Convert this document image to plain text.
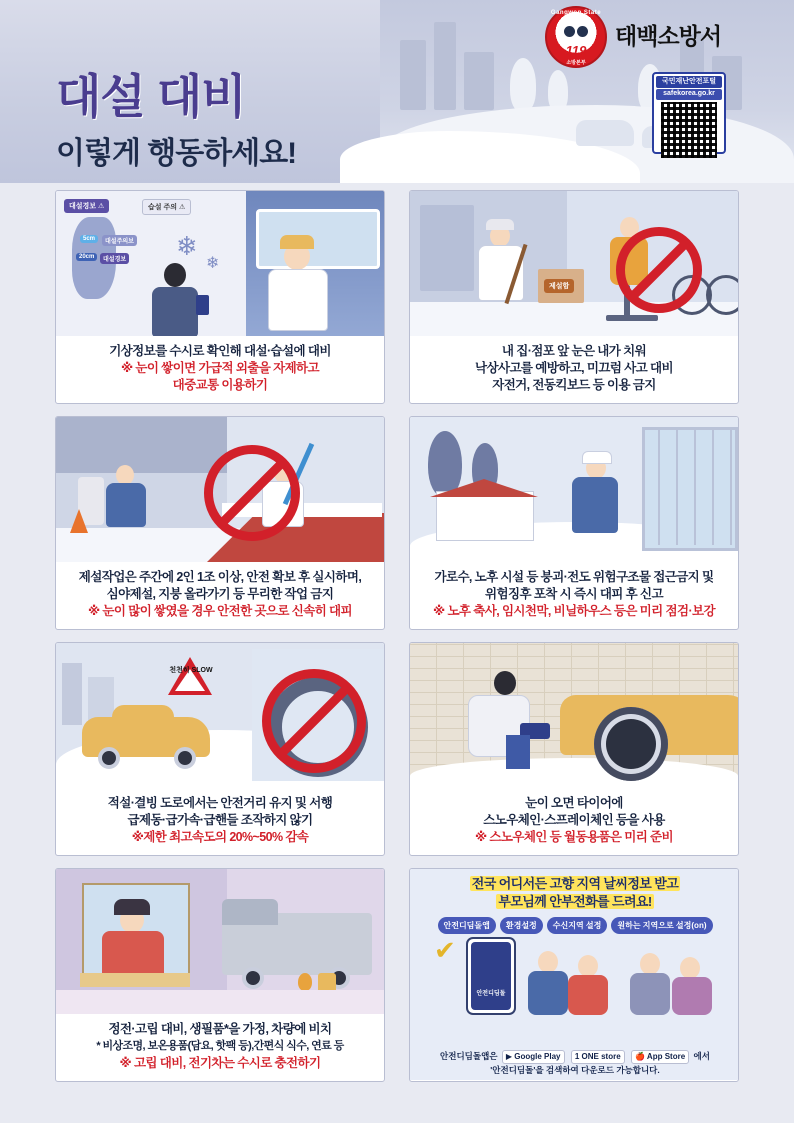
대설 대비
이렇게 행동하세요!
Gangwon State
119
소방본부
태백소방서
국민재난안전포털
safekorea.go.kr
대설경보 ⚠	습설 주의 ⚠
5cm	대설주의보
20cm	대설경보 ❄
❄
기상정보를 수시로 확인해 대설·습설에 대비
※ 눈이 쌓이면 가급적 외출을 자제하고
대중교통 이용하기
제설함
내 집·점포 앞 눈은 내가 치워
낙상사고를 예방하고, 미끄럼 사고 대비
자전거, 전동킥보드 등 이용 금지
제설작업은 주간에 2인 1조 이상, 안전 확보 후 실시하며,
심야제설, 지붕 올라가기 등 무리한 작업 금지
※ 눈이 많이 쌓였을 경우 안전한 곳으로 신속히 대피
가로수, 노후 시설 등 붕괴·전도 위험구조물 접근금지 및
위험징후 포착 시 즉시 대피 후 신고
※ 노후 축사, 임시천막, 비닐하우스 등은 미리 점검·보강
천천히 SLOW
적설·결빙 도로에서는 안전거리 유지 및 서행
급제동·급가속·급핸들 조작하지 않기
※제한 최고속도의 20%~50% 감속
눈이 오면 타이어에
스노우체인·스프레이체인 등을 사용
※ 스노우체인 등 월동용품은 미리 준비
정전·고립 대비, 생필품*을 가정, 차량에 비치
* 비상조명, 보온용품(담요, 핫팩 등),간편식 식수, 연료 등
※ 고립 대비, 전기차는 수시로 충전하기
전국 어디서든 고향 지역 날씨정보 받고
부모님께 안부전화를 드려요!
안전디딤돌앱	환경설정	수신지역 설정	원하는 지역으로 설정(on)
✔
안전디딤돌
안전디딤돌앱은 ▶ Google Play 1 ONE store 🍎 App Store 에서
'안전디딤돌'을 검색하여 다운로드 가능합니다.
